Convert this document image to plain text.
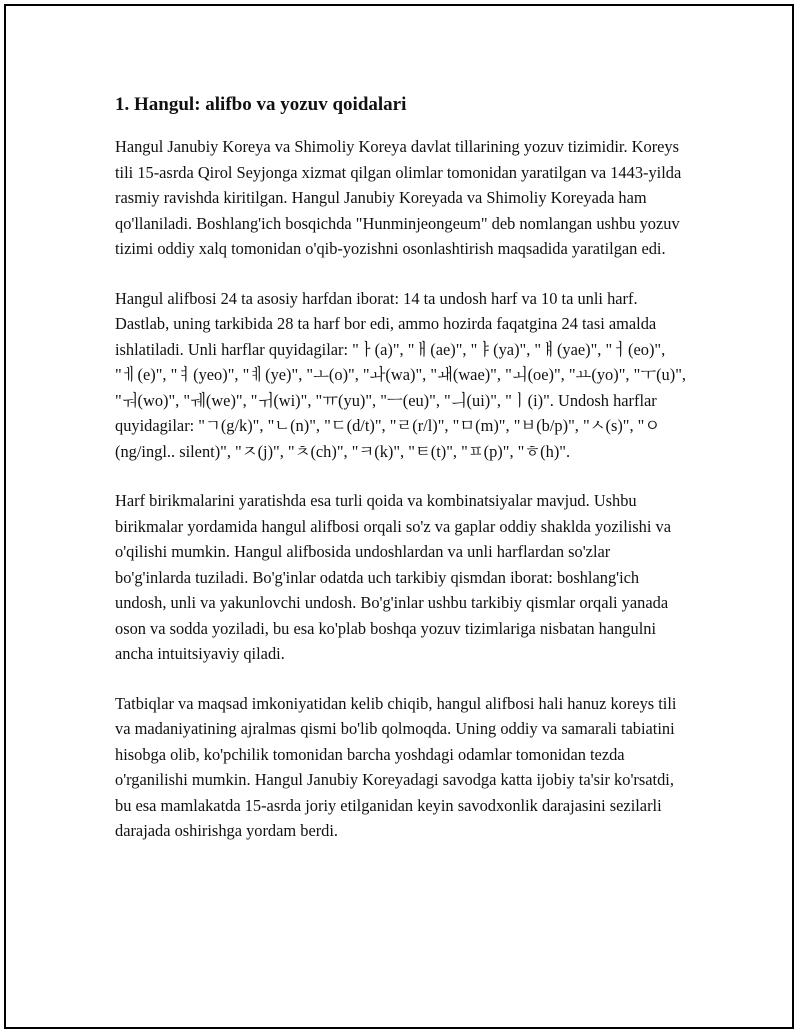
1. Hangul: alifbo va yozuv qoidalari

Hangul Janubiy Koreya va Shimoliy Koreya davlat tillarining yozuv tizimidir. Koreys tili 15-asrda Qirol Seyjonga xizmat qilgan olimlar tomonidan yaratilgan va 1443-yilda rasmiy ravishda kiritilgan. Hangul Janubiy Koreyada va Shimoliy Koreyada ham qo'llaniladi. Boshlang'ich bosqichda "Hunminjeongeum" deb nomlangan ushbu yozuv tizimi oddiy xalq tomonidan o'qib-yozishni osonlashtirish maqsadida yaratilgan edi.

Hangul alifbosi 24 ta asosiy harfdan iborat: 14 ta undosh harf va 10 ta unli harf. Dastlab, uning tarkibida 28 ta harf bor edi, ammo hozirda faqatgina 24 tasi amalda ishlatiladi. Unli harflar quyidagilar: "ㅏ(a)", "ㅐ(ae)", "ㅑ(ya)", "ㅒ(yae)", "ㅓ(eo)", "ㅔ(e)", "ㅕ(yeo)", "ㅖ(ye)", "ㅗ(o)", "ㅘ(wa)", "ㅙ(wae)", "ㅚ(oe)", "ㅛ(yo)", "ㅜ(u)", "ㅝ(wo)", "ㅞ(we)", "ㅟ(wi)", "ㅠ(yu)", "ㅡ(eu)", "ㅢ(ui)", "ㅣ(i)". Undosh harflar quyidagilar: "ㄱ(g/k)", "ㄴ(n)", "ㄷ(d/t)", "ㄹ(r/l)", "ㅁ(m)", "ㅂ(b/p)", "ㅅ(s)", "ㅇ(ng/ingl.. silent)", "ㅈ(j)", "ㅊ(ch)", "ㅋ(k)", "ㅌ(t)", "ㅍ(p)", "ㅎ(h)".

Harf birikmalarini yaratishda esa turli qoida va kombinatsiyalar mavjud. Ushbu birikmalar yordamida hangul alifbosi orqali so'z va gaplar oddiy shaklda yozilishi va o'qilishi mumkin. Hangul alifbosida undoshlardan va unli harflardan so'zlar bo'g'inlarda tuziladi. Bo'g'inlar odatda uch tarkibiy qismdan iborat: boshlang'ich undosh, unli va yakunlovchi undosh. Bo'g'inlar ushbu tarkibiy qismlar orqali yanada oson va sodda yoziladi, bu esa ko'plab boshqa yozuv tizimlariga nisbatan hangulni ancha intuitsiyaviy qiladi.

Tatbiqlar va maqsad imkoniyatidan kelib chiqib, hangul alifbosi hali hanuz koreys tili va madaniyatining ajralmas qismi bo'lib qolmoqda. Uning oddiy va samarali tabiatini hisobga olib, ko'pchilik tomonidan barcha yoshdagi odamlar tomonidan tezda o'rganilishi mumkin. Hangul Janubiy Koreyadagi savodga katta ijobiy ta'sir ko'rsatdi, bu esa mamlakatda 15-asrda joriy etilganidan keyin savodxonlik darajasini sezilarli darajada oshirishga yordam berdi.
